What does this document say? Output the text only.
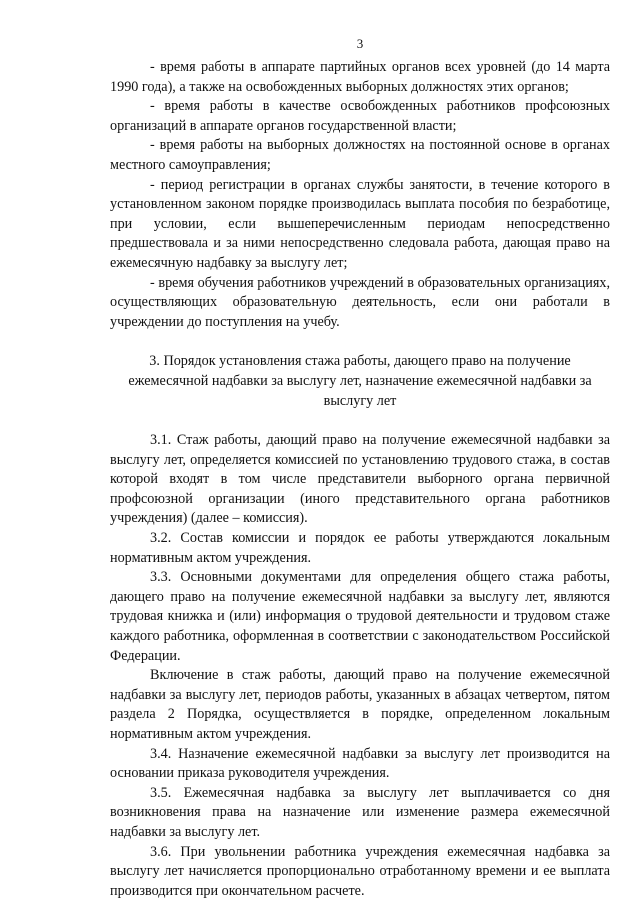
3

- время работы в аппарате партийных органов всех уровней (до 14 марта 1990 года), а также на освобожденных выборных должностях этих органов;

- время работы в качестве освобожденных работников профсоюзных организаций в аппарате органов государственной власти;

- время работы на выборных должностях на постоянной основе в органах местного самоуправления;

- период регистрации в органах службы занятости, в течение которого в установленном законом порядке производилась выплата пособия по безработице, при условии, если вышеперечисленным периодам непосредственно предшествовала и за ними непосредственно следовала работа, дающая право на ежемесячную надбавку за выслугу лет;

- время обучения работников учреждений в образовательных организациях, осуществляющих образовательную деятельность, если они работали в учреждении до поступления на учебу.

3. Порядок установления стажа работы, дающего право на получение ежемесячной надбавки за выслугу лет, назначение ежемесячной надбавки за выслугу лет

3.1. Стаж работы, дающий право на получение ежемесячной надбавки за выслугу лет, определяется комиссией по установлению трудового стажа, в состав которой входят в том числе представители выборного органа первичной профсоюзной организации (иного представительного органа работников учреждения) (далее – комиссия).

3.2. Состав комиссии и порядок ее работы утверждаются локальным нормативным актом учреждения.

3.3. Основными документами для определения общего стажа работы, дающего право на получение ежемесячной надбавки за выслугу лет, являются трудовая книжка и (или) информация о трудовой деятельности и трудовом стаже каждого работника, оформленная в соответствии с законодательством Российской Федерации.

Включение в стаж работы, дающий право на получение ежемесячной надбавки за выслугу лет, периодов работы, указанных в абзацах четвертом, пятом раздела 2 Порядка, осуществляется в порядке, определенном локальным нормативным актом учреждения.

3.4. Назначение ежемесячной надбавки за выслугу лет производится на основании приказа руководителя учреждения.

3.5. Ежемесячная надбавка за выслугу лет выплачивается со дня возникновения права на назначение или изменение размера ежемесячной надбавки за выслугу лет.

3.6. При увольнении работника учреждения ежемесячная надбавка за выслугу лет начисляется пропорционально отработанному времени и ее выплата производится при окончательном расчете.
